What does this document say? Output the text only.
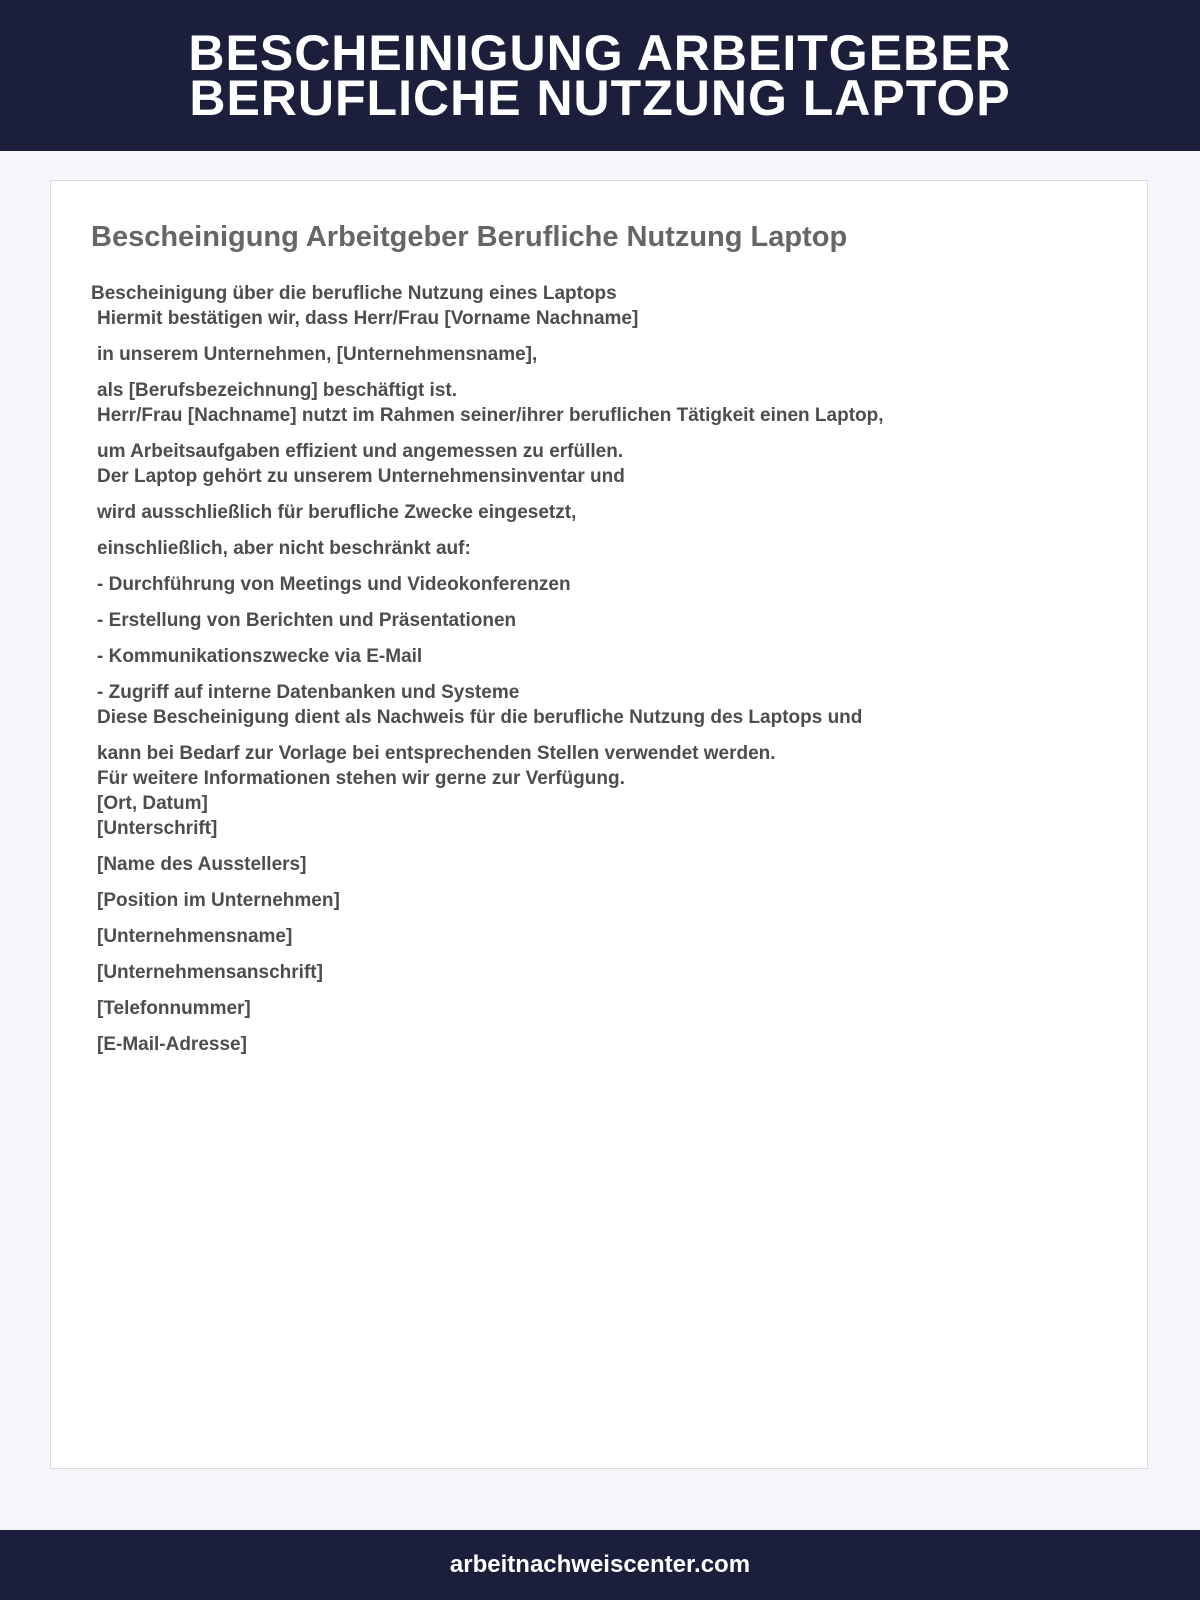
BESCHEINIGUNG ARBEITGEBER
BERUFLICHE NUTZUNG LAPTOP
Bescheinigung Arbeitgeber Berufliche Nutzung Laptop
Bescheinigung über die berufliche Nutzung eines Laptops
Hiermit bestätigen wir, dass Herr/Frau [Vorname Nachname]
in unserem Unternehmen, [Unternehmensname],
als [Berufsbezeichnung] beschäftigt ist.
Herr/Frau [Nachname] nutzt im Rahmen seiner/ihrer beruflichen Tätigkeit einen Laptop,
um Arbeitsaufgaben effizient und angemessen zu erfüllen.
Der Laptop gehört zu unserem Unternehmensinventar und
wird ausschließlich für berufliche Zwecke eingesetzt,
einschließlich, aber nicht beschränkt auf:
- Durchführung von Meetings und Videokonferenzen
- Erstellung von Berichten und Präsentationen
- Kommunikationszwecke via E-Mail
- Zugriff auf interne Datenbanken und Systeme
Diese Bescheinigung dient als Nachweis für die berufliche Nutzung des Laptops und
kann bei Bedarf zur Vorlage bei entsprechenden Stellen verwendet werden.
Für weitere Informationen stehen wir gerne zur Verfügung.
[Ort, Datum]
[Unterschrift]
[Name des Ausstellers]
[Position im Unternehmen]
[Unternehmensname]
[Unternehmensanschrift]
[Telefonnummer]
[E-Mail-Adresse]
arbeitnachweiscenter.com
